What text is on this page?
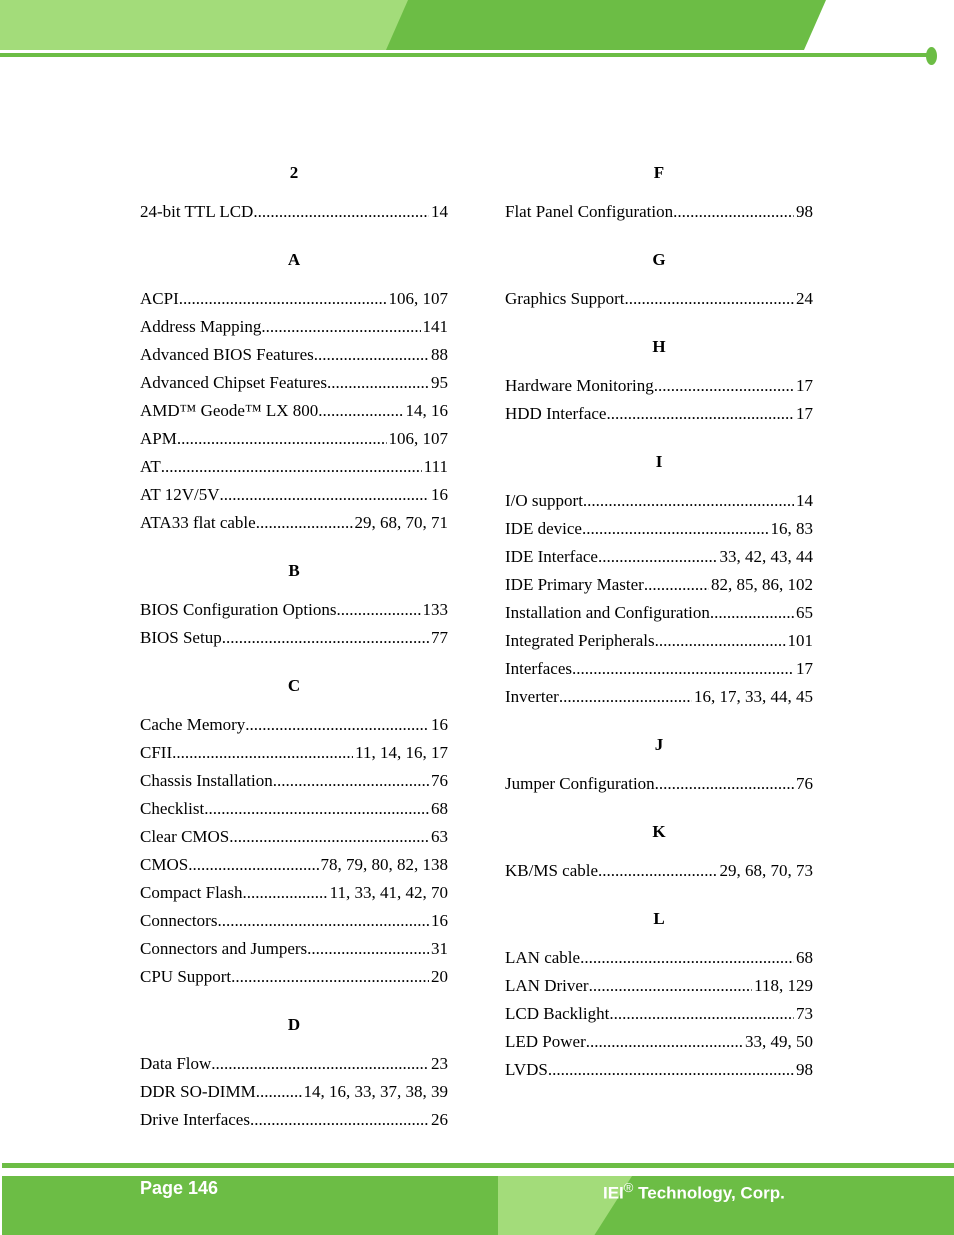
2
24-bit TTL LCD .....	14
A
ACPI .....	106, 107
Address Mapping .....	141
Advanced BIOS Features .....	88
Advanced Chipset Features .....	95
AMD™ Geode™ LX 800 .....	14, 16
APM .....	106, 107
AT .....	111
AT 12V/5V .....	16
ATA33 flat cable .....	29, 68, 70, 71
B
BIOS Configuration Options .....	133
BIOS Setup .....	77
C
Cache Memory .....	16
CFII .....	11, 14, 16, 17
Chassis Installation .....	76
Checklist .....	68
Clear CMOS .....	63
CMOS .....	78, 79, 80, 82, 138
Compact Flash .....	11, 33, 41, 42, 70
Connectors .....	16
Connectors and Jumpers .....	31
CPU Support .....	20
D
Data Flow .....	23
DDR SO-DIMM .....	14, 16, 33, 37, 38, 39
Drive Interfaces .....	26
F
Flat Panel Configuration .....	98
G
Graphics Support .....	24
H
Hardware Monitoring .....	17
HDD Interface .....	17
I
I/O support .....	14
IDE device .....	16, 83
IDE Interface .....	33, 42, 43, 44
IDE Primary Master .....	82, 85, 86, 102
Installation and Configuration .....	65
Integrated Peripherals .....	101
Interfaces .....	17
Inverter .....	16, 17, 33, 44, 45
J
Jumper Configuration .....	76
K
KB/MS cable .....	29, 68, 70, 73
L
LAN cable .....	68
LAN Driver .....	118, 129
LCD Backlight .....	73
LED Power .....	33, 49, 50
LVDS .....	98
Page 146	IEI® Technology, Corp.
